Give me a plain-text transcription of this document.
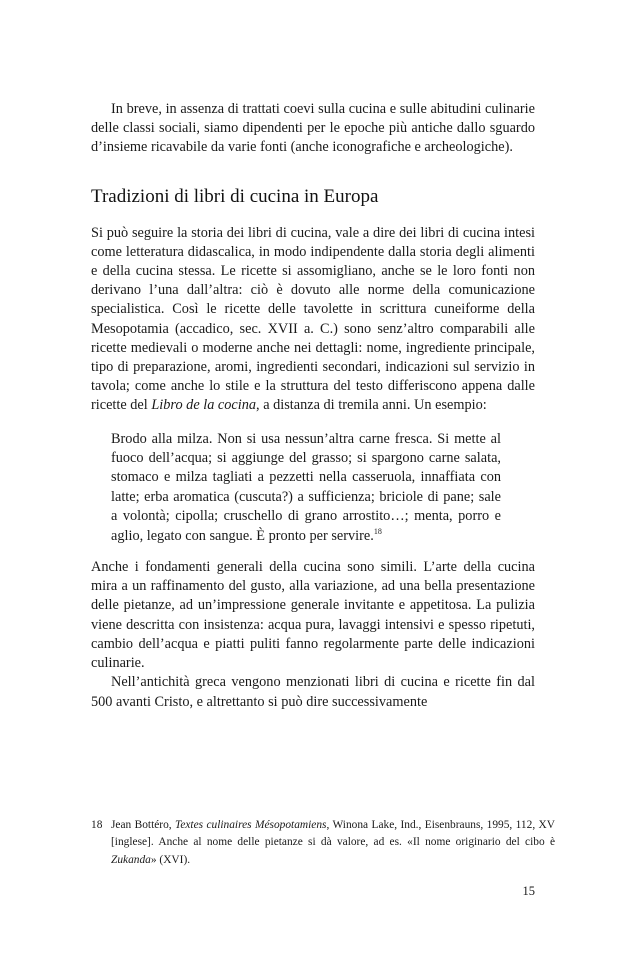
In breve, in assenza di trattati coevi sulla cucina e sulle abitudini culinarie delle classi sociali, siamo dipendenti per le epoche più antiche dallo sguardo d’insieme ricavabile da varie fonti (anche iconografiche e archeologiche).

Tradizioni di libri di cucina in Europa

Si può seguire la storia dei libri di cucina, vale a dire dei libri di cucina intesi come letteratura didascalica, in modo indipendente dalla storia degli alimenti e della cucina stessa. Le ricette si assomigliano, anche se le loro fonti non derivano l’una dall’altra: ciò è dovuto alle norme della comunicazione specialistica. Così le ricette delle tavolette in scrittura cuneiforme della Mesopotamia (accadico, sec. XVII a. C.) sono senz’altro comparabili alle ricette medievali o moderne anche nei dettagli: nome, ingrediente principale, tipo di preparazione, aromi, ingredienti secondari, indicazioni sul servizio in tavola; come anche lo stile e la struttura del testo differiscono appena dalle ricette del Libro de la cocina, a distanza di tremila anni. Un esempio:

Brodo alla milza. Non si usa nessun’altra carne fresca. Si mette al fuoco dell’acqua; si aggiunge del grasso; si spargono carne salata, stomaco e milza tagliati a pezzetti nella casseruola, innaffiata con latte; erba aromatica (cuscuta?) a sufficienza; briciole di pane; sale a volontà; cipolla; cruschello di grano arrostito…; menta, porro e aglio, legato con sangue. È pronto per servire.$^{18}$

Anche i fondamenti generali della cucina sono simili. L’arte della cucina mira a un raffinamento del gusto, alla variazione, ad una bella presentazione delle pietanze, ad un’impressione generale invitante e appetitosa. La pulizia viene descritta con insistenza: acqua pura, lavaggi intensivi e spesso ripetuti, cambio dell’acqua e piatti puliti fanno regolarmente parte delle indicazioni culinarie.

Nell’antichità greca vengono menzionati libri di cucina e ricette fin dal 500 avanti Cristo, e altrettanto si può dire successivamente

18 Jean Bottéro, Textes culinaires Mésopotamiens, Winona Lake, Ind., Eisenbrauns, 1995, 112, XV [inglese]. Anche al nome delle pietanze si dà valore, ad es. «Il nome originario del cibo è Zukanda» (XVI).
15
